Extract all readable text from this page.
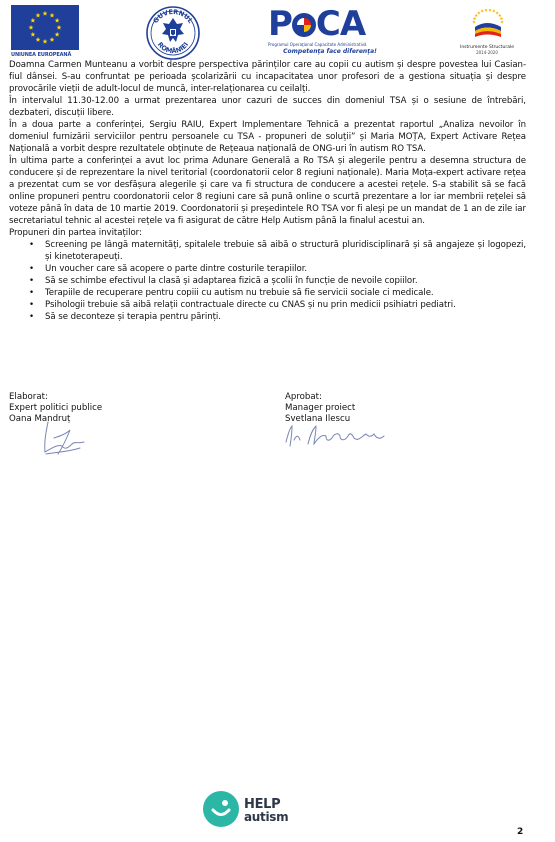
UNIUNEA EUROPEANĂ
GUVERNUL
ROMÂNIEI
P CA
Programul Operaţional Capacitate Administrativă
Competenţa face diferenţa!
Instrumente Structurale
2014-2020

Doamna Carmen Munteanu a vorbit despre perspectiva părinților care au copii cu autism și despre povestea lui Casian-fiul dânsei. S-au confruntat pe perioada școlarizării cu incapacitatea unor profesori de a gestiona situația și despre provocările vieții de adult-locul de muncă, inter-relaționarea cu ceilalți.

În intervalul 11.30-12.00 a urmat prezentarea unor cazuri de succes din domeniul TSA și o sesiune de întrebări, dezbateri, discuții libere.

În a doua parte a conferinței, Sergiu RAIU, Expert Implementare Tehnică a prezentat raportul „Analiza nevoilor în domeniul furnizării serviciilor pentru persoanele cu TSA - propuneri de soluții” și Maria MOȚA, Expert Activare Rețea Națională a vorbit despre rezultatele obținute de Rețeaua națională de ONG-uri în autism RO TSA.

În ultima parte a conferinței a avut loc prima Adunare Generală a Ro TSA și alegerile pentru a desemna structura de conducere și de reprezentare la nivel teritorial (coordonatorii celor 8 regiuni naționale). Maria Moța-expert activare rețea a prezentat cum se vor desfășura alegerile și care va fi structura de conducere a acestei rețele. S-a stabilit să se facă online propuneri pentru coordonatorii celor 8 regiuni care să pună online o scurtă prezentare a lor iar membrii rețelei să voteze până în data de 10 martie 2019. Coordonatorii și președintele RO TSA vor fi aleși pe un mandat de 1 an de zile iar secretariatul tehnic al acestei rețele va fi asigurat de către Help Autism până la finalul acestui an.

Propuneri din partea invitaților:

• Screening pe lângă maternități, spitalele trebuie să aibă o structură pluridisciplinară și să angajeze și logopezi, și kinetoterapeuți.
• Un voucher care să acopere o parte dintre costurile terapiilor.
• Să se schimbe efectivul la clasă și adaptarea fizică a școlii în funcție de nevoile copiilor.
• Terapiile de recuperare pentru copiii cu autism nu trebuie să fie servicii sociale ci medicale.
• Psihologii trebuie să aibă relații contractuale directe cu CNAS și nu prin medicii psihiatri pediatri.
• Să se deconteze și terapia pentru părinți.
Elaborat:
Expert politici publice
Oana Mandruț
Aprobat:
Manager proiect
Svetlana Ilescu
HELP
autism
2
